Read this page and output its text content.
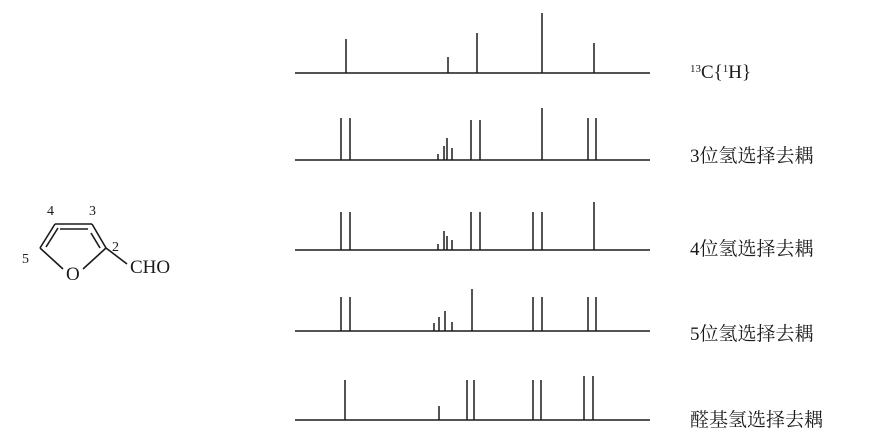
4	3
2
5
O	CHO
$^{13}$C{$^1$H}
3位氢选择去耦
4位氢选择去耦
5位氢选择去耦
醛基氢选择去耦
